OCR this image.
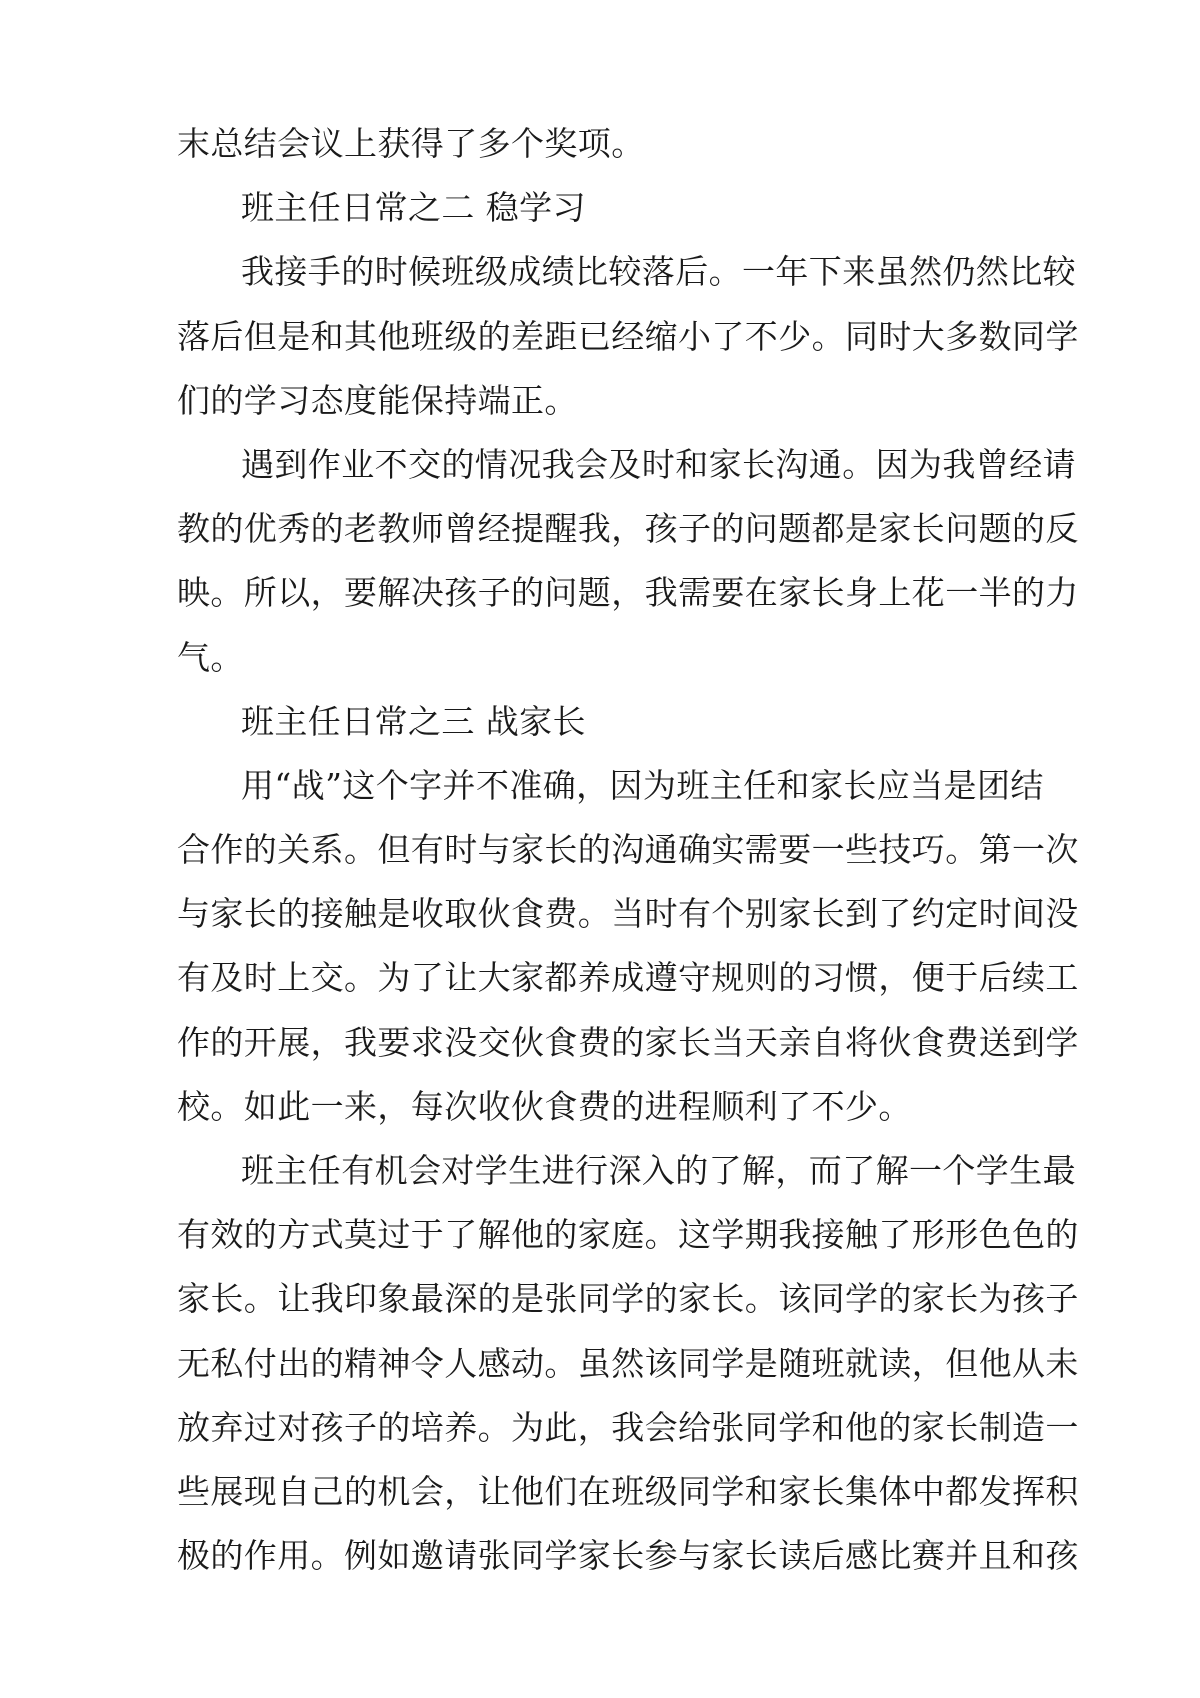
末总结会议上获得了多个奖项。
班主任日常之二 稳学习
我接手的时候班级成绩比较落后。一年下来虽然仍然比较
落后但是和其他班级的差距已经缩小了不少。同时大多数同学
们的学习态度能保持端正。
遇到作业不交的情况我会及时和家长沟通。因为我曾经请
教的优秀的老教师曾经提醒我，孩子的问题都是家长问题的反
映。所以，要解决孩子的问题，我需要在家长身上花一半的力
气。
班主任日常之三 战家长
用“战”这个字并不准确，因为班主任和家长应当是团结
合作的关系。但有时与家长的沟通确实需要一些技巧。第一次
与家长的接触是收取伙食费。当时有个别家长到了约定时间没
有及时上交。为了让大家都养成遵守规则的习惯，便于后续工
作的开展，我要求没交伙食费的家长当天亲自将伙食费送到学
校。如此一来，每次收伙食费的进程顺利了不少。
班主任有机会对学生进行深入的了解，而了解一个学生最
有效的方式莫过于了解他的家庭。这学期我接触了形形色色的
家长。让我印象最深的是张同学的家长。该同学的家长为孩子
无私付出的精神令人感动。虽然该同学是随班就读，但他从未
放弃过对孩子的培养。为此，我会给张同学和他的家长制造一
些展现自己的机会，让他们在班级同学和家长集体中都发挥积
极的作用。例如邀请张同学家长参与家长读后感比赛并且和孩
